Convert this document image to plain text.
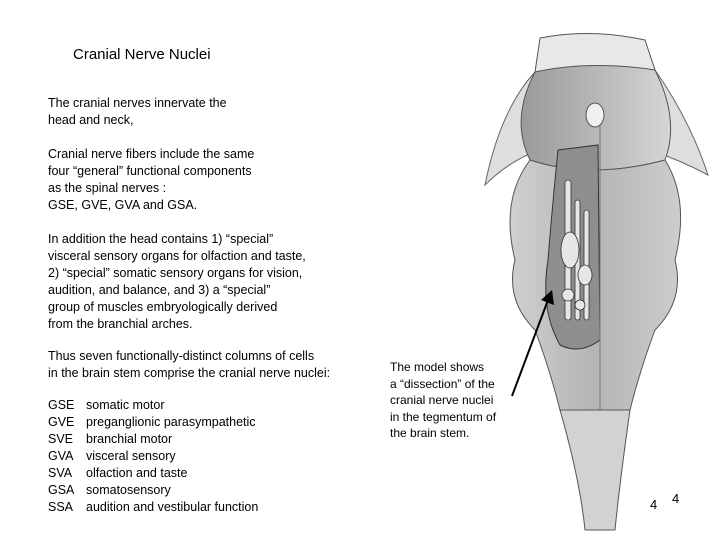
Cranial Nerve Nuclei
The cranial nerves innervate the
head and neck,
Cranial nerve fibers include the same
four “general” functional components
as the spinal nerves :
GSE, GVE, GVA and GSA.
In addition the head contains 1) “special”
visceral sensory organs for olfaction and taste,
2) “special” somatic sensory organs for vision,
audition, and balance, and 3) a “special”
group of muscles embryologically derived
from the branchial arches.
Thus seven functionally-distinct columns of cells
in the brain stem comprise the cranial nerve nuclei:
GSE	somatic motor
GVE	preganglionic parasympathetic
SVE	branchial motor
GVA	visceral sensory
SVA	olfaction and taste
GSA	somatosensory
SSA	audition and vestibular function
The model shows
a “dissection” of the
cranial nerve nuclei
in the tegmentum of
the brain stem.
4 4
